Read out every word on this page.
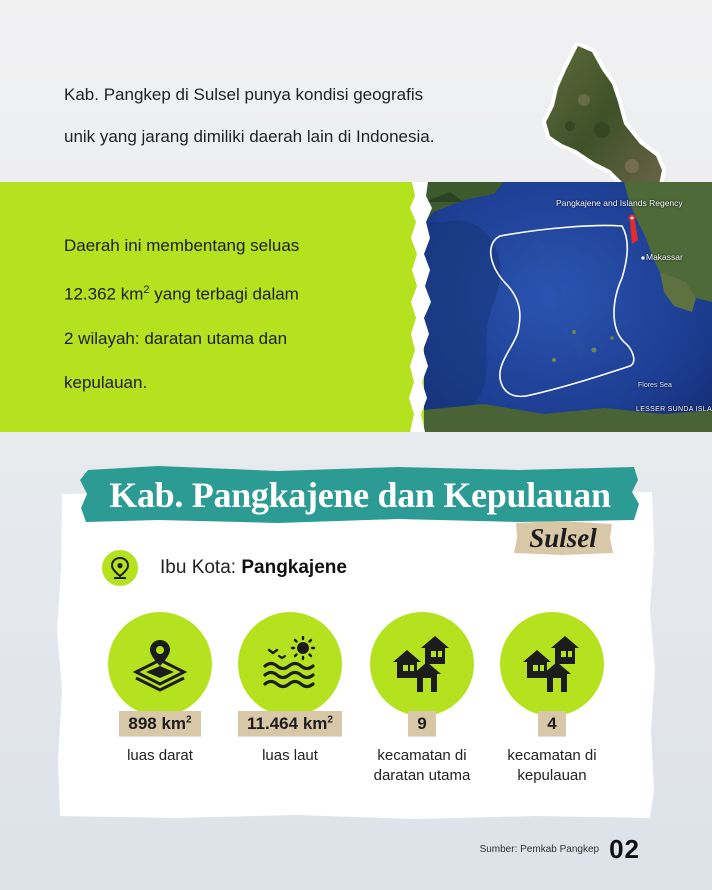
Kab. Pangkep di Sulsel punya kondisi geografis
unik yang jarang dimiliki daerah lain di Indonesia.
Daerah ini membentang seluas
12.362 $km^2$ yang terbagi dalam
2 wilayah: daratan utama dan
kepulauan.
Pangkajene and Islands Regency
Makassar
Flores Sea
LESSER SUNDA ISLA
Kab. Pangkajene dan Kepulauan
Sulsel
Ibu Kota: Pangkajene
898 $km^2$
luas darat
11.464 $km^2$
luas laut
9
kecamatan di
daratan utama
4
kecamatan di
kepulauan
Sumber: Pemkab Pangkep 02
